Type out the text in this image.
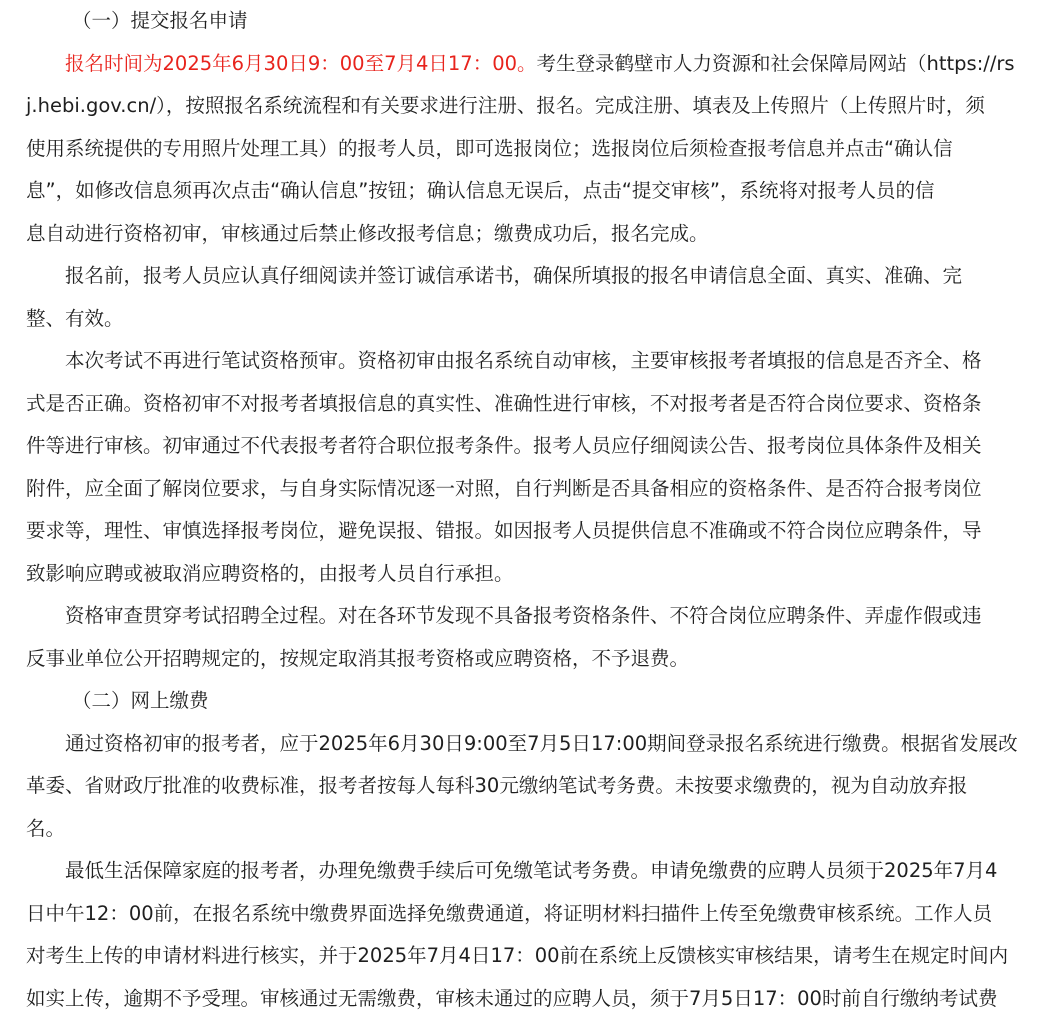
（一）提交报名申请
报名时间为2025年6月30日9：00至7月4日17：00。考生登录鹤壁市人力资源和社会保障局网站（https://rs
j.hebi.gov.cn/），按照报名系统流程和有关要求进行注册、报名。完成注册、填表及上传照片（上传照片时，须
使用系统提供的专用照片处理工具）的报考人员，即可选报岗位；选报岗位后须检查报考信息并点击“确认信
息”，如修改信息须再次点击“确认信息”按钮；确认信息无误后，点击“提交审核”，系统将对报考人员的信
息自动进行资格初审，审核通过后禁止修改报考信息；缴费成功后，报名完成。
报名前，报考人员应认真仔细阅读并签订诚信承诺书，确保所填报的报名申请信息全面、真实、准确、完
整、有效。
本次考试不再进行笔试资格预审。资格初审由报名系统自动审核，主要审核报考者填报的信息是否齐全、格
式是否正确。资格初审不对报考者填报信息的真实性、准确性进行审核，不对报考者是否符合岗位要求、资格条
件等进行审核。初审通过不代表报考者符合职位报考条件。报考人员应仔细阅读公告、报考岗位具体条件及相关
附件，应全面了解岗位要求，与自身实际情况逐一对照，自行判断是否具备相应的资格条件、是否符合报考岗位
要求等，理性、审慎选择报考岗位，避免误报、错报。如因报考人员提供信息不准确或不符合岗位应聘条件，导
致影响应聘或被取消应聘资格的，由报考人员自行承担。
资格审查贯穿考试招聘全过程。对在各环节发现不具备报考资格条件、不符合岗位应聘条件、弄虚作假或违
反事业单位公开招聘规定的，按规定取消其报考资格或应聘资格，不予退费。
（二）网上缴费
通过资格初审的报考者，应于2025年6月30日9:00至7月5日17:00期间登录报名系统进行缴费。根据省发展改
革委、省财政厅批准的收费标准，报考者按每人每科30元缴纳笔试考务费。未按要求缴费的，视为自动放弃报
名。
最低生活保障家庭的报考者，办理免缴费手续后可免缴笔试考务费。申请免缴费的应聘人员须于2025年7月4
日中午12：00前，在报名系统中缴费界面选择免缴费通道，将证明材料扫描件上传至免缴费审核系统。工作人员
对考生上传的申请材料进行核实，并于2025年7月4日17：00前在系统上反馈核实审核结果，请考生在规定时间内
如实上传，逾期不予受理。审核通过无需缴费，审核未通过的应聘人员，须于7月5日17：00时前自行缴纳考试费
